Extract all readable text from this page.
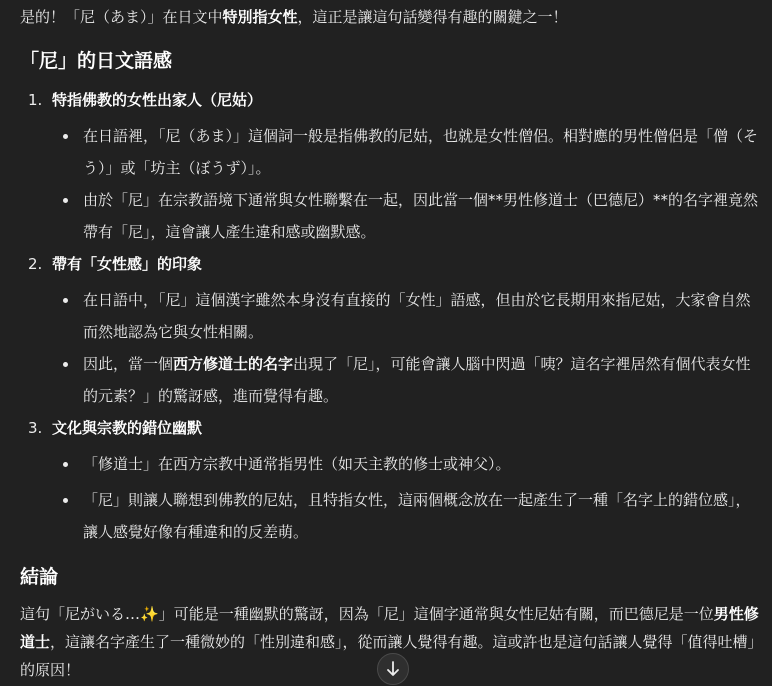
是的！「尼（あま）」在日文中特別指女性，這正是讓這句話變得有趣的關鍵之一！

「尼」的日文語感
1. 特指佛教的女性出家人（尼姑）
在日語裡，「尼（あま）」這個詞一般是指佛教的尼姑，也就是女性僧侶。相對應的男性僧侶是「僧（そう）」或「坊主（ぼうず）」。
由於「尼」在宗教語境下通常與女性聯繫在一起，因此當一個**男性修道士（巴德尼）**的名字裡竟然帶有「尼」，這會讓人產生違和感或幽默感。
2. 帶有「女性感」的印象
在日語中，「尼」這個漢字雖然本身沒有直接的「女性」語感，但由於它長期用來指尼姑，大家會自然而然地認為它與女性相關。
因此，當一個西方修道士的名字出現了「尼」，可能會讓人腦中閃過「咦？這名字裡居然有個代表女性的元素？」的驚訝感，進而覺得有趣。
3. 文化與宗教的錯位幽默
「修道士」在西方宗教中通常指男性（如天主教的修士或神父）。
「尼」則讓人聯想到佛教的尼姑，且特指女性，這兩個概念放在一起產生了一種「名字上的錯位感」，讓人感覺好像有種違和的反差萌。
結論

這句「尼がいる…✨」可能是一種幽默的驚訝，因為「尼」這個字通常與女性尼姑有關，而巴德尼是一位男性修道士，這讓名字產生了一種微妙的「性別違和感」，從而讓人覺得有趣。這或許也是這句話讓人覺得「值得吐槽」的原因！
